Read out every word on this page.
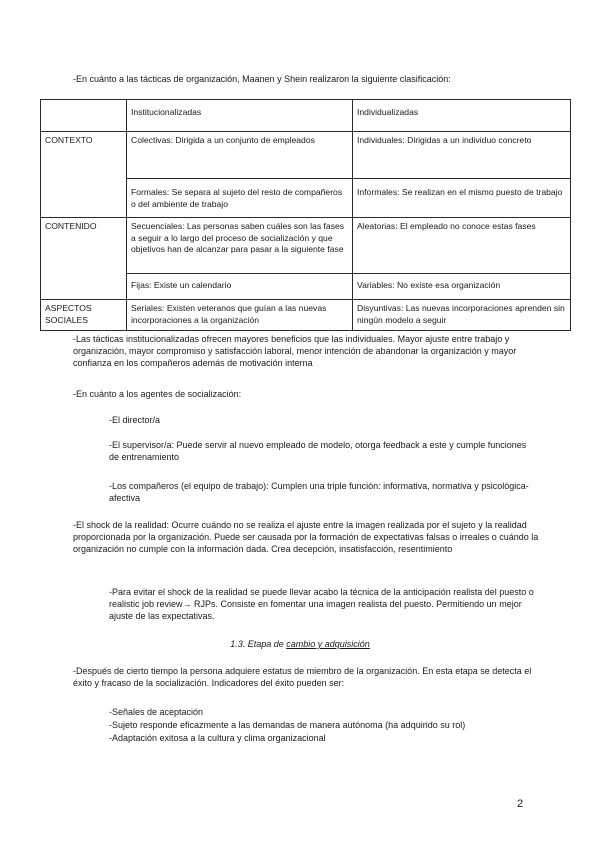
-En cuánto a las tácticas de organización, Maanen y Shein realizaron la siguiente clasificación:

	Institucionalizadas	Individualizadas
CONTEXTO	Colectivas: Dirigida a un conjunto de empleados	Individuales: Dirigidas a un individuo concreto
	Formales: Se separa al sujeto del resto de compañeros o del ambiente de trabajo	Informales: Se realizan en el mismo puesto de trabajo
CONTENIDO	Secuenciales: Las personas saben cuáles son las fases a seguir a lo largo del proceso de socialización y que objetivos han de alcanzar para pasar a la siguiente fase	Aleatorias: El empleado no conoce estas fases
	Fijas: Existe un calendario	Variables: No existe esa organización
ASPECTOS SOCIALES	Seriales: Existen veteranos que guían a las nuevas incorporaciones a la organización	Disyuntivas: Las nuevas incorporaciones aprenden sin ningún modelo a seguir

-Las tácticas institucionalizadas ofrecen mayores beneficios que las individuales. Mayor ajuste entre trabajo y organización, mayor compromiso y satisfacción laboral, menor intención de abandonar la organización y mayor confianza en los compañeros además de motivación interna

-En cuánto a los agentes de socialización:

-El director/a

-El supervisor/a: Puede servir al nuevo empleado de modelo, otorga feedback a este y cumple funciones de entrenamiento

-Los compañeros (el equipo de trabajo): Cumplen una triple función: informativa, normativa y psicológica-afectiva

-El shock de la realidad: Ocurre cuándo no se realiza el ajuste entre la imagen realizada por el sujeto y la realidad proporcionada por la organización. Puede ser causada por la formación de expectativas falsas o irreales o cuándo la organización no cumple con la información dada. Crea decepción, insatisfacción, resentimiento

-Para evitar el shock de la realidad se puede llevar acabo la técnica de la anticipación realista del puesto o realistic job review→ RJPs. Consiste en fomentar una imagen realista del puesto. Permitiendo un mejor ajuste de las expectativas.

1.3. Etapa de cambio y adquisición

-Después de cierto tiempo la persona adquiere estatus de miembro de la organización. En esta etapa se detecta el éxito y fracaso de la socialización. Indicadores del éxito pueden ser:

-Señales de aceptación

-Sujeto responde eficazmente a las demandas de manera autónoma (ha adquirido su rol)

-Adaptación exitosa a la cultura y clima organizacional

2
